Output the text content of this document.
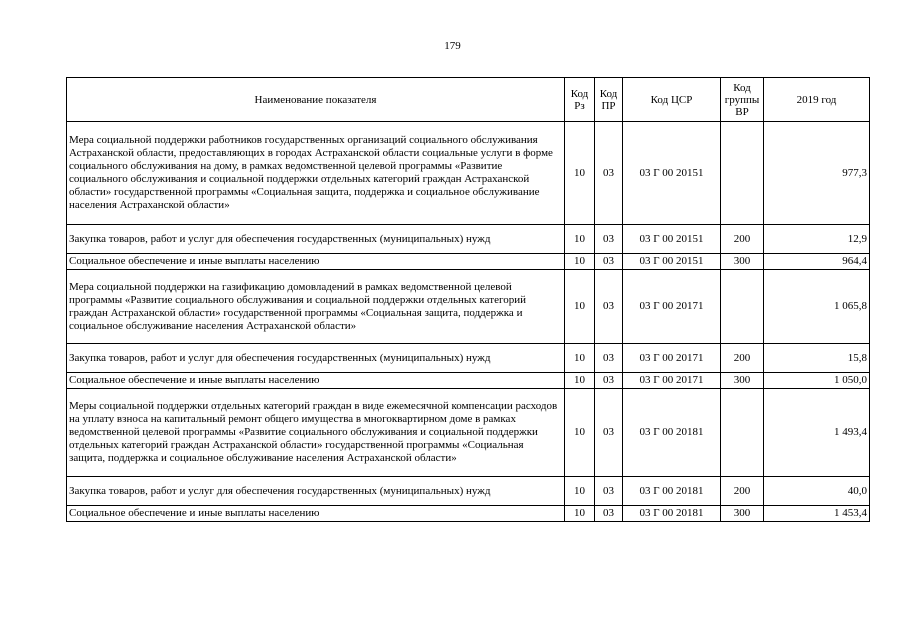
179
Наименование показателя	Код Рз	Код ПР	Код ЦСР	Код группы ВР	2019 год
Мера социальной поддержки работников государственных организаций социального обслуживания Астраханской области, предоставляющих в городах Астраханской области социальные услуги в форме социального обслуживания на дому, в рамках ведомственной целевой программы «Развитие социального обслуживания и социальной поддержки отдельных категорий граждан Астраханской области» государственной программы «Социальная защита, поддержка и социальное обслуживание населения Астраханской области»	10	03	03 Г 00 20151		977,3
Закупка товаров, работ и услуг для обеспечения государственных (муниципальных) нужд	10	03	03 Г 00 20151	200	12,9
Социальное обеспечение и иные выплаты населению	10	03	03 Г 00 20151	300	964,4
Мера социальной поддержки на газификацию домовладений в рамках ведомственной целевой программы «Развитие социального обслуживания и социальной поддержки отдельных категорий граждан Астраханской области» государственной программы «Социальная защита, поддержка и социальное обслуживание населения Астраханской области»	10	03	03 Г 00 20171		1 065,8
Закупка товаров, работ и услуг для обеспечения государственных (муниципальных) нужд	10	03	03 Г 00 20171	200	15,8
Социальное обеспечение и иные выплаты населению	10	03	03 Г 00 20171	300	1 050,0
Меры социальной поддержки отдельных категорий граждан в виде ежемесячной компенсации расходов на уплату взноса на капитальный ремонт общего имущества в многоквартирном доме в рамках ведомственной целевой программы «Развитие социального обслуживания и социальной поддержки отдельных категорий граждан Астраханской области» государственной программы «Социальная защита, поддержка и социальное обслуживание населения Астраханской области»	10	03	03 Г 00 20181		1 493,4
Закупка товаров, работ и услуг для обеспечения государственных (муниципальных) нужд	10	03	03 Г 00 20181	200	40,0
Социальное обеспечение и иные выплаты населению	10	03	03 Г 00 20181	300	1 453,4
